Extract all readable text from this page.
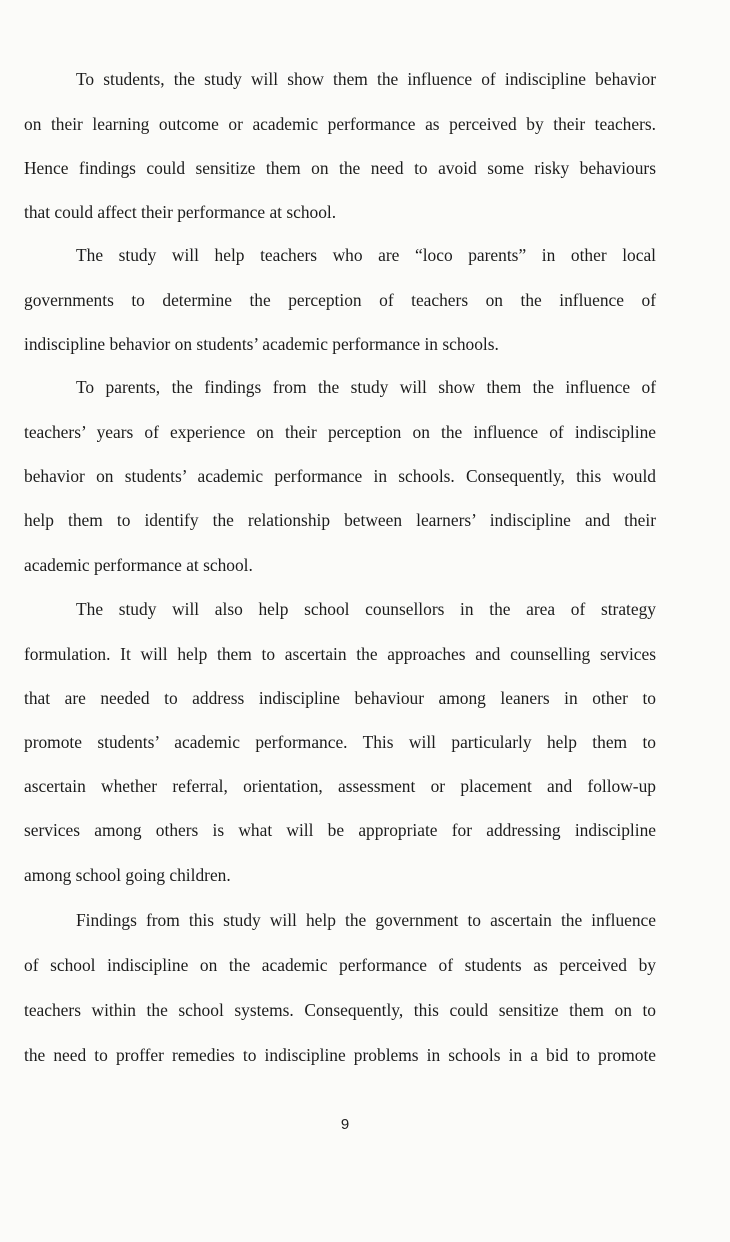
To students, the study will show them the influence of indiscipline behavior
on their learning outcome or academic performance as perceived by their teachers.
Hence findings could sensitize them on the need to avoid some risky behaviours
that could affect their performance at school.
The study will help teachers who are “loco parents” in other local
governments to determine the perception of teachers on the influence of
indiscipline behavior on students’ academic performance in schools.
To parents, the findings from the study will show them the influence of
teachers’ years of experience on their perception on the influence of indiscipline
behavior on students’ academic performance in schools. Consequently, this would
help them to identify the relationship between learners’ indiscipline and their
academic performance at school.
The study will also help school counsellors in the area of strategy
formulation. It will help them to ascertain the approaches and counselling services
that are needed to address indiscipline behaviour among leaners in other to
promote students’ academic performance. This will particularly help them to
ascertain whether referral, orientation, assessment or placement and follow-up
services among others is what will be appropriate for addressing indiscipline
among school going children.
Findings from this study will help the government to ascertain the influence
of school indiscipline on the academic performance of students as perceived by
teachers within the school systems. Consequently, this could sensitize them on to
the need to proffer remedies to indiscipline problems in schools in a bid to promote
9
